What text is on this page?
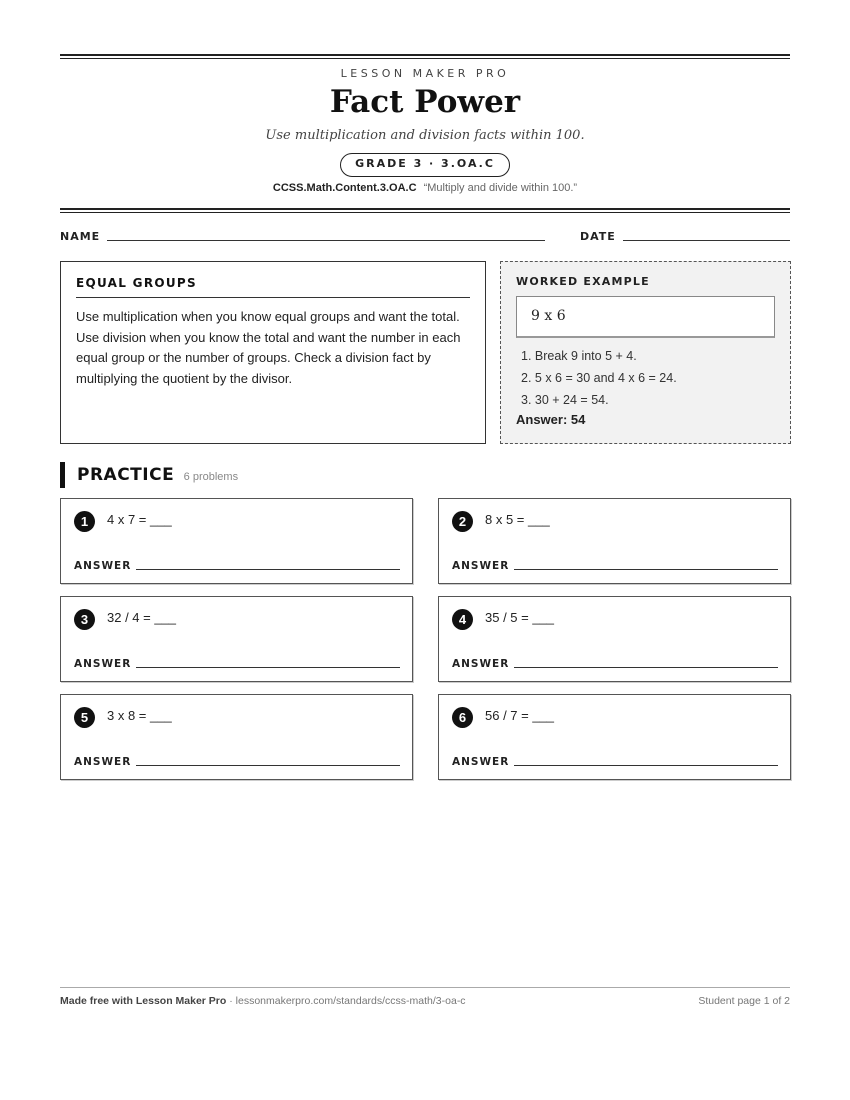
LESSON MAKER PRO
Fact Power
Use multiplication and division facts within 100.
GRADE 3 · 3.OA.C
CCSS.Math.Content.3.OA.C “Multiply and divide within 100.”
NAME	DATE
EQUAL GROUPS
Use multiplication when you know equal groups and want the total. Use division when you know the total and want the number in each equal group or the number of groups. Check a division fact by multiplying the quotient by the divisor.
WORKED EXAMPLE
9 x 6
1. Break 9 into 5 + 4.
2. 5 x 6 = 30 and 4 x 6 = 24.
3. 30 + 24 = 54.
Answer: 54
PRACTICE 6 problems
1	4 x 7 = ___
ANSWER
2	8 x 5 = ___
ANSWER
3	32 / 4 = ___
ANSWER
4	35 / 5 = ___
ANSWER
5	3 x 8 = ___
ANSWER
6	56 / 7 = ___
ANSWER
Made free with Lesson Maker Pro · lessonmakerpro.com/standards/ccss-math/3-oa-c	Student page 1 of 2
